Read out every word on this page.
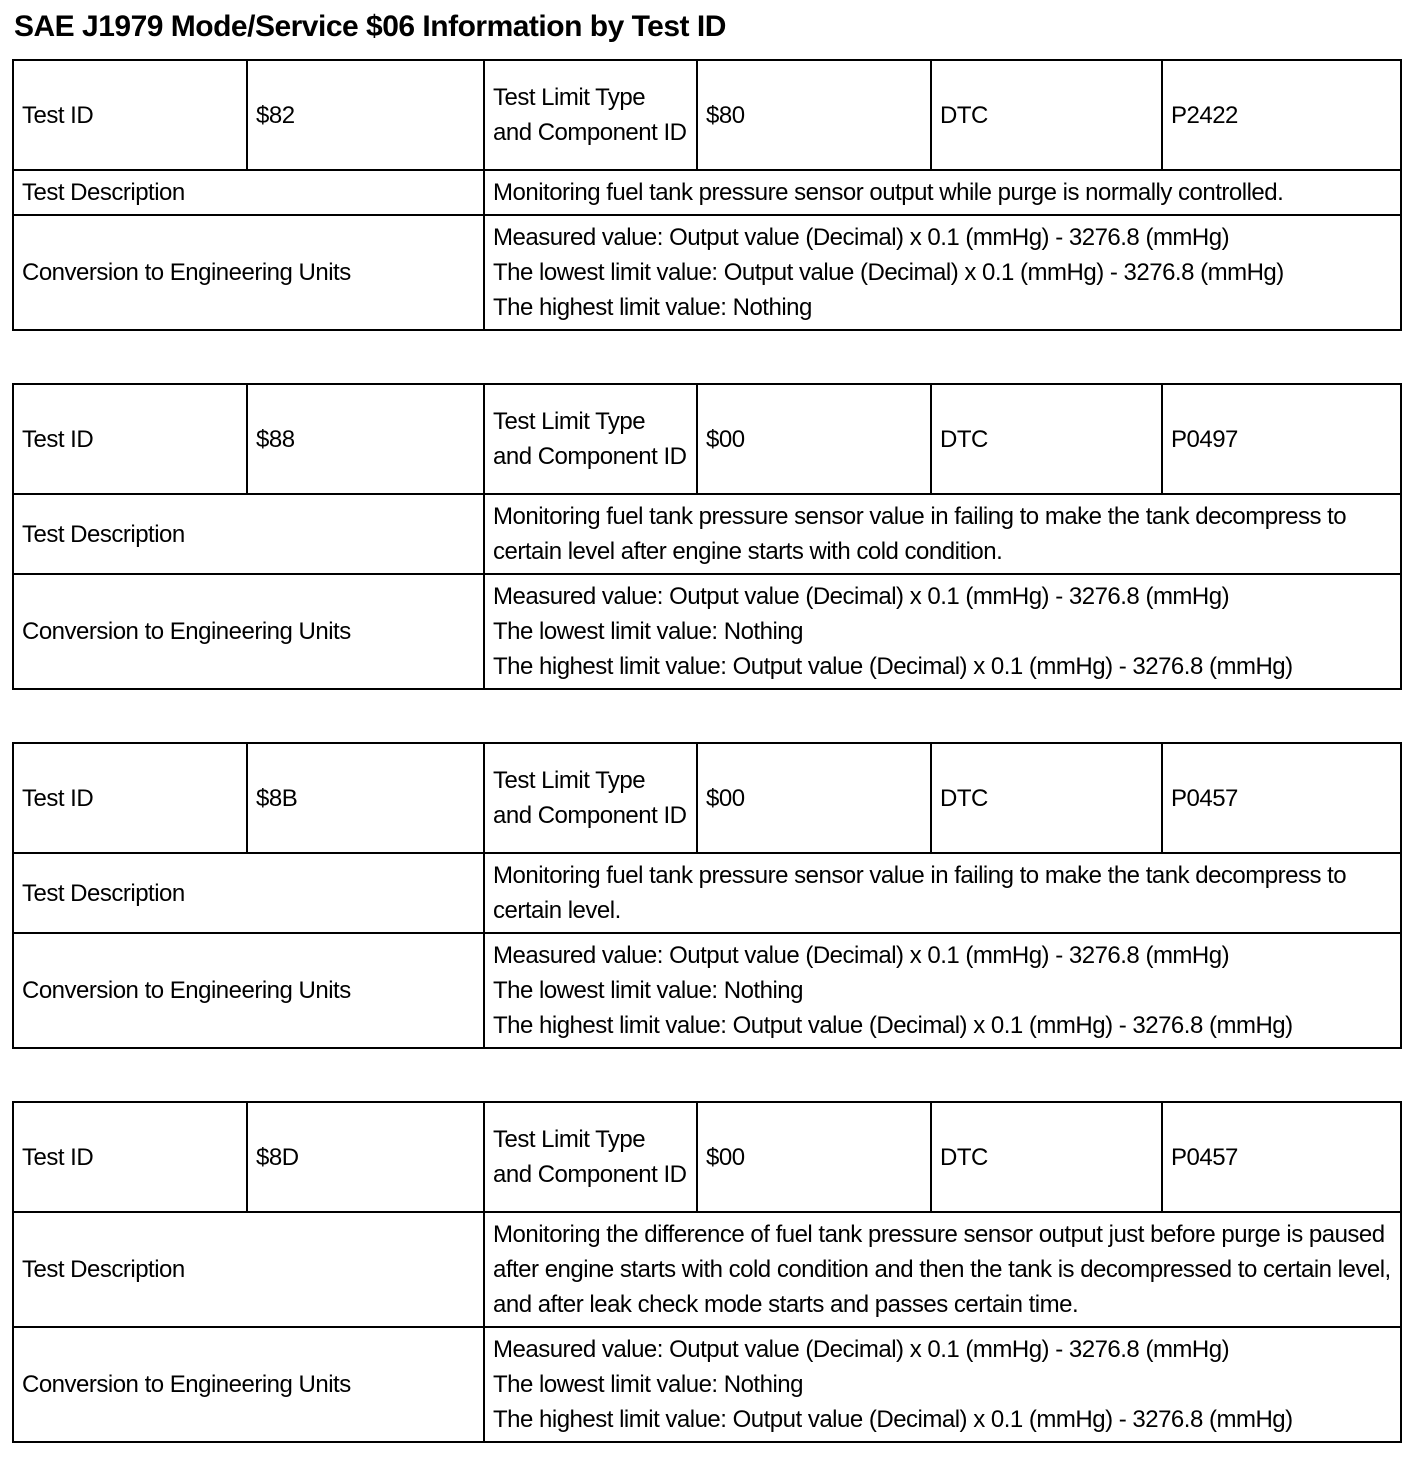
SAE J1979 Mode/Service $06 Information by Test ID
Test ID	$82	Test Limit Type and Component ID	$80	DTC	P2422
Test Description		Monitoring fuel tank pressure sensor output while purge is normally controlled.			
Conversion to Engineering Units		Measured value: Output value (Decimal) x 0.1 (mmHg) - 3276.8 (mmHg)
The lowest limit value: Output value (Decimal) x 0.1 (mmHg) - 3276.8 (mmHg)
The highest limit value: Nothing			
Test ID	$88	Test Limit Type and Component ID	$00	DTC	P0497
Test Description		Monitoring fuel tank pressure sensor value in failing to make the tank decompress to certain level after engine starts with cold condition.			
Conversion to Engineering Units		Measured value: Output value (Decimal) x 0.1 (mmHg) - 3276.8 (mmHg)
The lowest limit value: Nothing
The highest limit value: Output value (Decimal) x 0.1 (mmHg) - 3276.8 (mmHg)			
Test ID	$8B	Test Limit Type and Component ID	$00	DTC	P0457
Test Description		Monitoring fuel tank pressure sensor value in failing to make the tank decompress to certain level.			
Conversion to Engineering Units		Measured value: Output value (Decimal) x 0.1 (mmHg) - 3276.8 (mmHg)
The lowest limit value: Nothing
The highest limit value: Output value (Decimal) x 0.1 (mmHg) - 3276.8 (mmHg)			
Test ID	$8D	Test Limit Type and Component ID	$00	DTC	P0457
Test Description		Monitoring the difference of fuel tank pressure sensor output just before purge is paused after engine starts with cold condition and then the tank is decompressed to certain level, and after leak check mode starts and passes certain time.			
Conversion to Engineering Units		Measured value: Output value (Decimal) x 0.1 (mmHg) - 3276.8 (mmHg)
The lowest limit value: Nothing
The highest limit value: Output value (Decimal) x 0.1 (mmHg) - 3276.8 (mmHg)			
